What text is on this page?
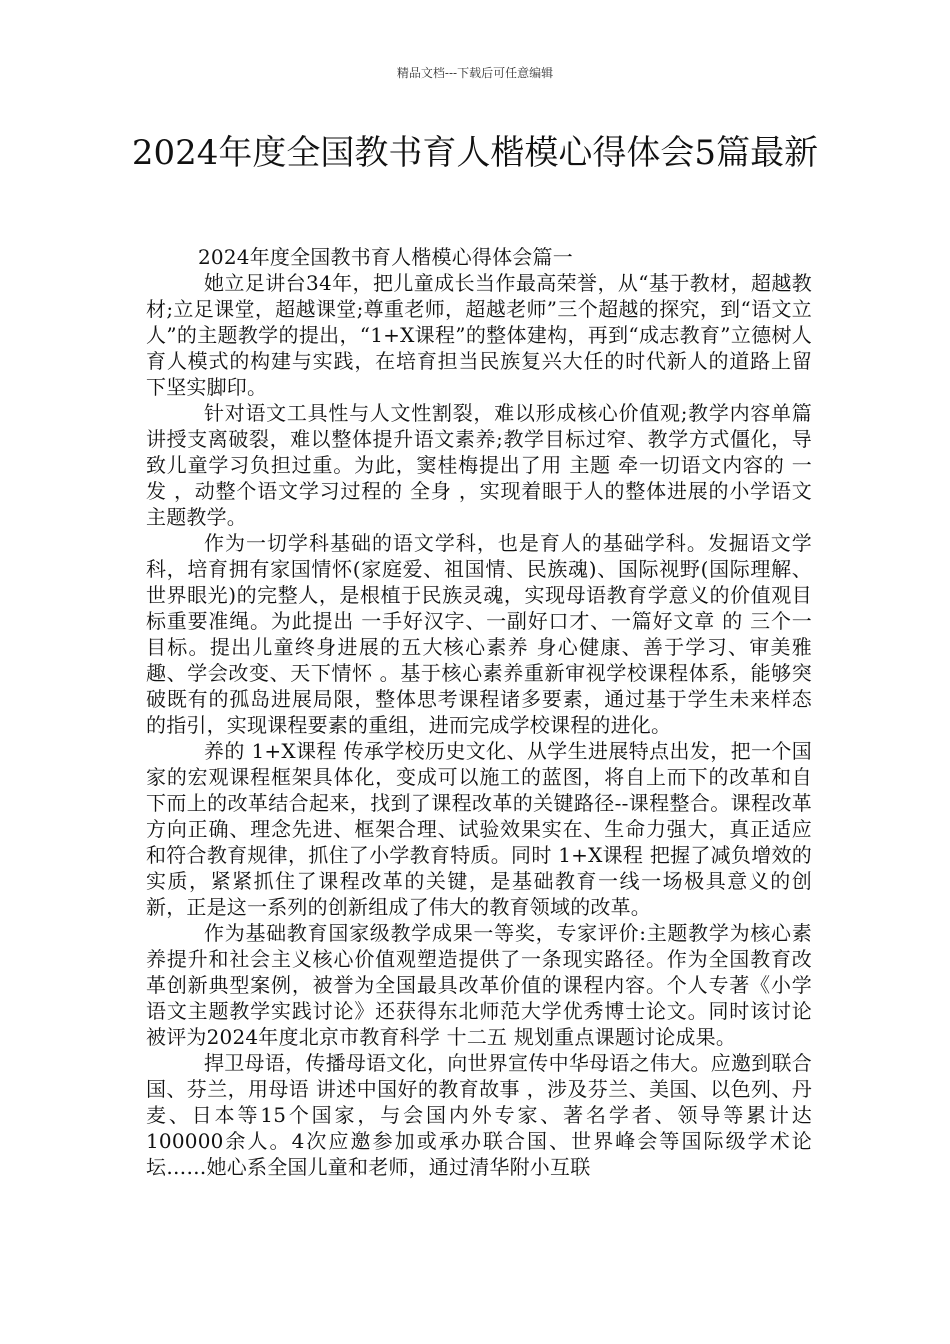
精品文档---下载后可任意编辑
2024年度全国教书育人楷模心得体会5篇最新

2024年度全国教书育人楷模心得体会篇一

她立足讲台34年，把儿童成长当作最高荣誉，从“基于教材，超越教材;立足课堂，超越课堂;尊重老师，超越老师”三个超越的探究，到“语文立人”的主题教学的提出，“1+X课程”的整体建构，再到“成志教育”立德树人育人模式的构建与实践，在培育担当民族复兴大任的时代新人的道路上留下坚实脚印。

针对语文工具性与人文性割裂，难以形成核心价值观;教学内容单篇讲授支离破裂，难以整体提升语文素养;教学目标过窄、教学方式僵化，导致儿童学习负担过重。为此，窦桂梅提出了用 主题 牵一切语文内容的 一发 ，动整个语文学习过程的 全身 ，实现着眼于人的整体进展的小学语文主题教学。

作为一切学科基础的语文学科，也是育人的基础学科。发掘语文学科，培育拥有家国情怀(家庭爱、祖国情、民族魂)、国际视野(国际理解、世界眼光)的完整人，是根植于民族灵魂，实现母语教育学意义的价值观目标重要准绳。为此提出 一手好汉字、一副好口才、一篇好文章 的 三个一 目标。提出儿童终身进展的五大核心素养 身心健康、善于学习、审美雅趣、学会改变、天下情怀 。基于核心素养重新审视学校课程体系，能够突破既有的孤岛进展局限，整体思考课程诸多要素，通过基于学生未来样态的指引，实现课程要素的重组，进而完成学校课程的进化。

养的 1+X课程 传承学校历史文化、从学生进展特点出发，把一个国家的宏观课程框架具体化，变成可以施工的蓝图，将自上而下的改革和自下而上的改革结合起来，找到了课程改革的关键路径--课程整合。课程改革方向正确、理念先进、框架合理、试验效果实在、生命力强大，真正适应和符合教育规律，抓住了小学教育特质。同时 1+X课程 把握了减负增效的实质，紧紧抓住了课程改革的关键，是基础教育一线一场极具意义的创新，正是这一系列的创新组成了伟大的教育领域的改革。

作为基础教育国家级教学成果一等奖，专家评价:主题教学为核心素养提升和社会主义核心价值观塑造提供了一条现实路径。作为全国教育改革创新典型案例，被誉为全国最具改革价值的课程内容。个人专著《小学语文主题教学实践讨论》还获得东北师范大学优秀博士论文。同时该讨论被评为2024年度北京市教育科学 十二五 规划重点课题讨论成果。

捍卫母语，传播母语文化，向世界宣传中华母语之伟大。应邀到联合国、芬兰，用母语 讲述中国好的教育故事 ，涉及芬兰、美国、以色列、丹麦、日本等15个国家，与会国内外专家、著名学者、领导等累计达100000余人。4次应邀参加或承办联合国、世界峰会等国际级学术论坛……她心系全国儿童和老师，通过清华附小互联
